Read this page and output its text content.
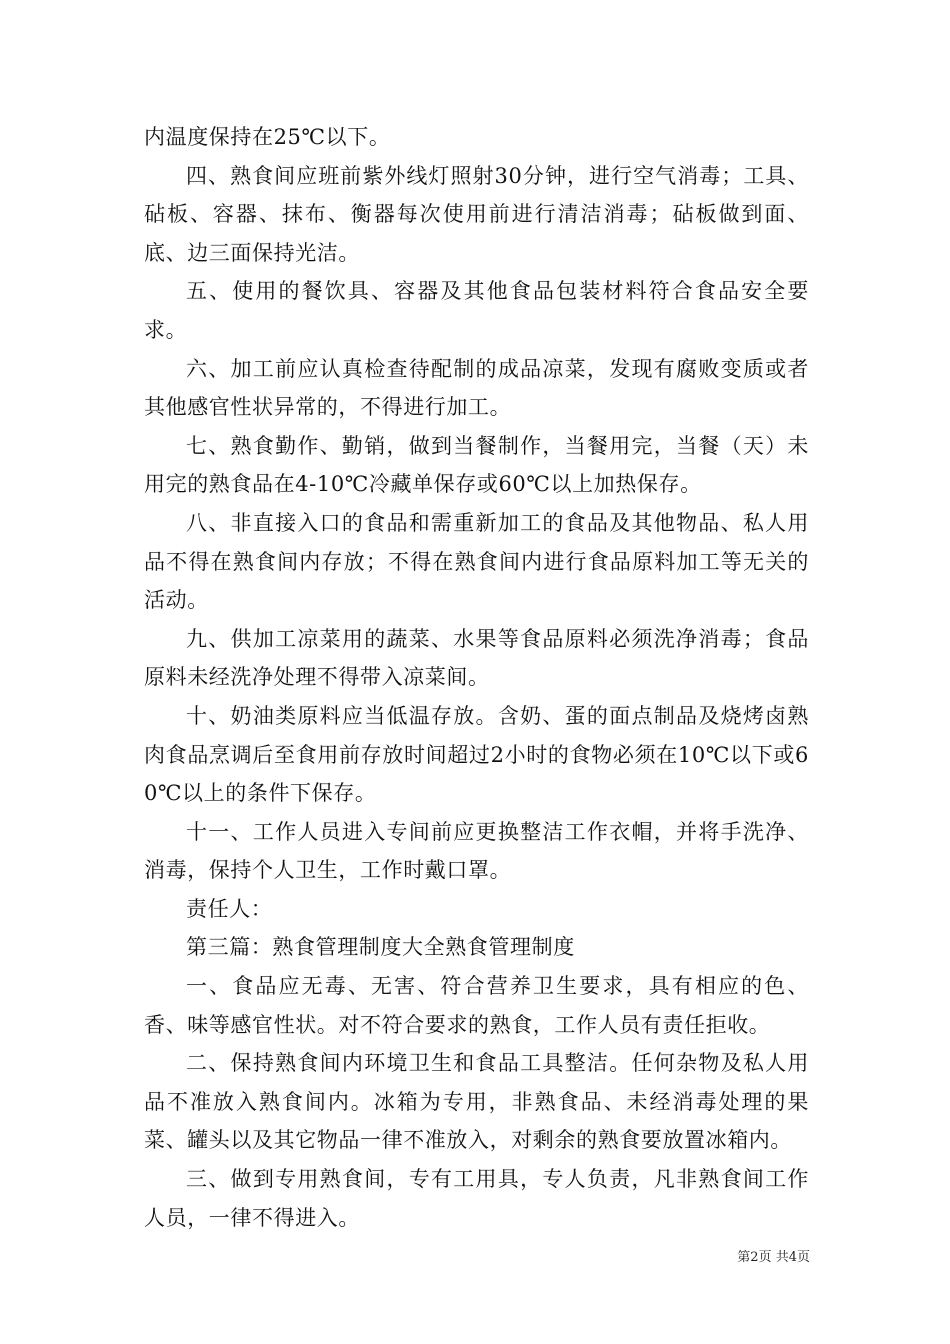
内温度保持在25℃以下。

四、熟食间应班前紫外线灯照射30分钟，进行空气消毒；工具、砧板、容器、抹布、衡器每次使用前进行清洁消毒；砧板做到面、底、边三面保持光洁。

五、使用的餐饮具、容器及其他食品包装材料符合食品安全要求。

六、加工前应认真检查待配制的成品凉菜，发现有腐败变质或者其他感官性状异常的，不得进行加工。

七、熟食勤作、勤销，做到当餐制作，当餐用完，当餐（天）未用完的熟食品在4-10℃冷藏单保存或60℃以上加热保存。

八、非直接入口的食品和需重新加工的食品及其他物品、私人用品不得在熟食间内存放；不得在熟食间内进行食品原料加工等无关的活动。

九、供加工凉菜用的蔬菜、水果等食品原料必须洗净消毒；食品原料未经洗净处理不得带入凉菜间。

十、奶油类原料应当低温存放。含奶、蛋的面点制品及烧烤卤熟肉食品烹调后至食用前存放时间超过2小时的食物必须在10℃以下或60℃以上的条件下保存。

十一、工作人员进入专间前应更换整洁工作衣帽，并将手洗净、消毒，保持个人卫生，工作时戴口罩。

责任人：

第三篇：熟食管理制度大全熟食管理制度

一、食品应无毒、无害、符合营养卫生要求，具有相应的色、香、味等感官性状。对不符合要求的熟食，工作人员有责任拒收。

二、保持熟食间内环境卫生和食品工具整洁。任何杂物及私人用品不准放入熟食间内。冰箱为专用，非熟食品、未经消毒处理的果菜、罐头以及其它物品一律不准放入，对剩余的熟食要放置冰箱内。

三、做到专用熟食间，专有工用具，专人负责，凡非熟食间工作人员，一律不得进入。

第2页 共4页
